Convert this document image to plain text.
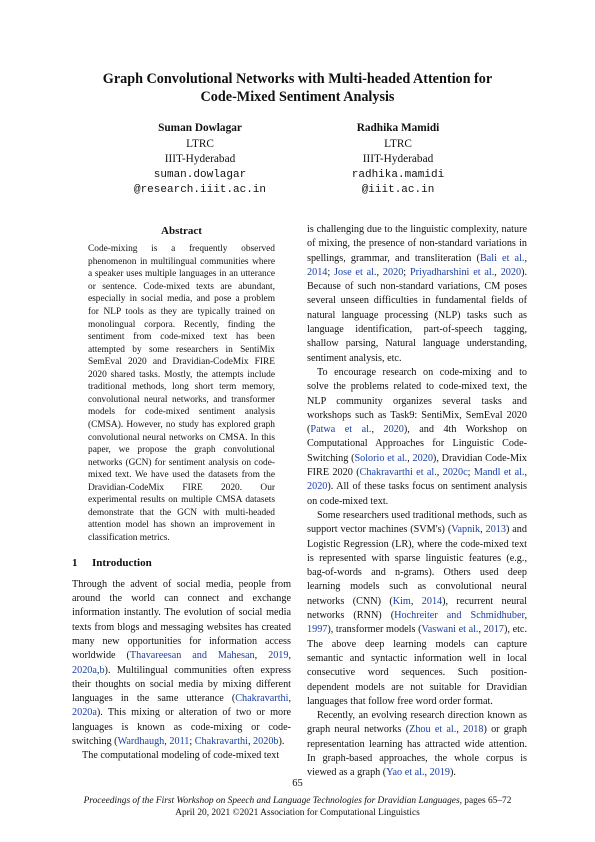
Graph Convolutional Networks with Multi-headed Attention for
Code-Mixed Sentiment Analysis
Suman Dowlagar
LTRC
IIIT-Hyderabad
suman.dowlagar
@research.iiit.ac.in
Radhika Mamidi
LTRC
IIIT-Hyderabad
radhika.mamidi
@iiit.ac.in
Abstract

Code-mixing is a frequently observed phenomenon in multilingual communities where a speaker uses multiple languages in an utterance or sentence. Code-mixed texts are abundant, especially in social media, and pose a problem for NLP tools as they are typically trained on monolingual corpora. Recently, finding the sentiment from code-mixed text has been attempted by some researchers in SentiMix SemEval 2020 and Dravidian-CodeMix FIRE 2020 shared tasks. Mostly, the attempts include traditional methods, long short term memory, convolutional neural networks, and transformer models for code-mixed sentiment analysis (CMSA). However, no study has explored graph convolutional neural networks on CMSA. In this paper, we propose the graph convolutional networks (GCN) for sentiment analysis on code-mixed text. We have used the datasets from the Dravidian-CodeMix FIRE 2020. Our experimental results on multiple CMSA datasets demonstrate that the GCN with multi-headed attention model has shown an improvement in classification metrics.

1 Introduction

Through the advent of social media, people from around the world can connect and exchange information instantly. The evolution of social media texts from blogs and messaging websites has created many new opportunities for information access worldwide (Thavareesan and Mahesan, 2019, 2020a,b). Multilingual communities often express their thoughts on social media by mixing different languages in the same utterance (Chakravarthi, 2020a). This mixing or alteration of two or more languages is known as code-mixing or code-switching (Wardhaugh, 2011; Chakravarthi, 2020b).

The computational modeling of code-mixed text

is challenging due to the linguistic complexity, nature of mixing, the presence of non-standard variations in spellings, grammar, and transliteration (Bali et al., 2014; Jose et al., 2020; Priyadharshini et al., 2020). Because of such non-standard variations, CM poses several unseen difficulties in fundamental fields of natural language processing (NLP) tasks such as language identification, part-of-speech tagging, shallow parsing, Natural language understanding, sentiment analysis, etc.

To encourage research on code-mixing and to solve the problems related to code-mixed text, the NLP community organizes several tasks and workshops such as Task9: SentiMix, SemEval 2020 (Patwa et al., 2020), and 4th Workshop on Computational Approaches for Linguistic Code-Switching (Solorio et al., 2020), Dravidian Code-Mix FIRE 2020 (Chakravarthi et al., 2020c; Mandl et al., 2020). All of these tasks focus on sentiment analysis on code-mixed text.

Some researchers used traditional methods, such as support vector machines (SVM's) (Vapnik, 2013) and Logistic Regression (LR), where the code-mixed text is represented with sparse linguistic features (e.g., bag-of-words and n-grams). Others used deep learning models such as convolutional neural networks (CNN) (Kim, 2014), recurrent neural networks (RNN) (Hochreiter and Schmidhuber, 1997), transformer models (Vaswani et al., 2017), etc. The above deep learning models can capture semantic and syntactic information well in local consecutive word sequences. Such position-dependent models are not suitable for Dravidian languages that follow free word order format.

Recently, an evolving research direction known as graph neural networks (Zhou et al., 2018) or graph representation learning has attracted wide attention. In graph-based approaches, the whole corpus is viewed as a graph (Yao et al., 2019).

65
Proceedings of the First Workshop on Speech and Language Technologies for Dravidian Languages, pages 65–72
April 20, 2021 ©2021 Association for Computational Linguistics
